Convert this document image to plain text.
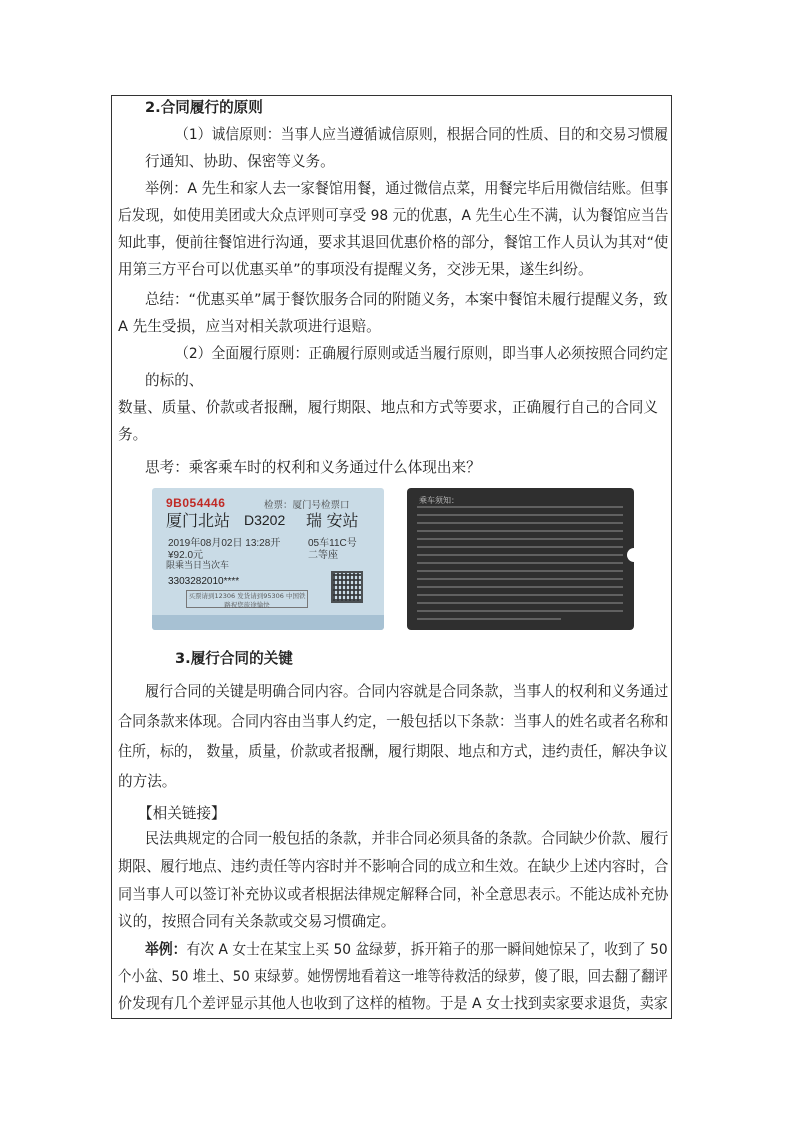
2.合同履行的原则
（1）诚信原则：当事人应当遵循诚信原则，根据合同的性质、目的和交易习惯履
行通知、协助、保密等义务。
举例：A 先生和家人去一家餐馆用餐，通过微信点菜，用餐完毕后用微信结账。但事
后发现，如使用美团或大众点评则可享受 98 元的优惠，A 先生心生不满，认为餐馆应当告
知此事，便前往餐馆进行沟通，要求其退回优惠价格的部分，餐馆工作人员认为其对“使
用第三方平台可以优惠买单”的事项没有提醒义务，交涉无果，遂生纠纷。
总结：“优惠买单”属于餐饮服务合同的附随义务，本案中餐馆未履行提醒义务，致
A 先生受损，应当对相关款项进行退赔。
（2）全面履行原则：正确履行原则或适当履行原则，即当事人必须按照合同约定
的标的、
数量、质量、价款或者报酬，履行期限、地点和方式等要求，正确履行自己的合同义
务。
思考：乘客乘车时的权利和义务通过什么体现出来？
9B054446	检票：厦门号检票口
厦门北站 D3202 瑞 安站
2019年08月02日 13:28开	05车11C号
¥92.0元	二等座
限乘当日当次车
3303282010****
买票请到12306 发货请到95306 中国铁路祝您旅途愉快
乘车须知：
3.履行合同的关键
履行合同的关键是明确合同内容。合同内容就是合同条款，当事人的权利和义务通过
合同条款来体现。合同内容由当事人约定，一般包括以下条款：当事人的姓名或者名称和
住所，标的， 数量，质量，价款或者报酬，履行期限、地点和方式，违约责任，解决争议
的方法。
【相关链接】
民法典规定的合同一般包括的条款，并非合同必须具备的条款。合同缺少价款、履行
期限、履行地点、违约责任等内容时并不影响合同的成立和生效。在缺少上述内容时，合
同当事人可以签订补充协议或者根据法律规定解释合同，补全意思表示。不能达成补充协
议的，按照合同有关条款或交易习惯确定。
举例：有次 A 女士在某宝上买 50 盆绿萝，拆开箱子的那一瞬间她惊呆了，收到了 50
个小盆、50 堆土、50 束绿萝。她愣愣地看着这一堆等待救活的绿萝，傻了眼，回去翻了翻评
价发现有几个差评显示其他人也收到了这样的植物。于是 A 女士找到卖家要求退货，卖家
